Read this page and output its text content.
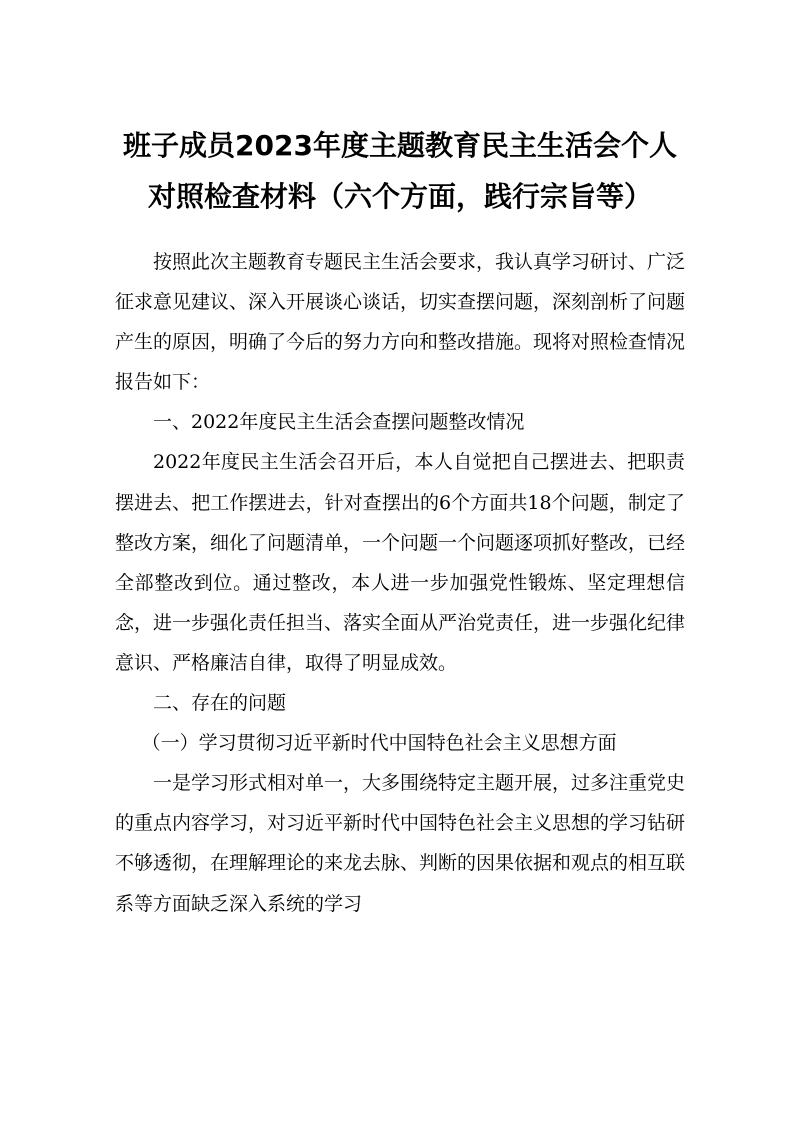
班子成员2023年度主题教育民主生活会个人对照检查材料（六个方面，践行宗旨等）

按照此次主题教育专题民主生活会要求，我认真学习研讨、广泛征求意见建议、深入开展谈心谈话，切实查摆问题，深刻剖析了问题产生的原因，明确了今后的努力方向和整改措施。现将对照检查情况报告如下：

一、2022年度民主生活会查摆问题整改情况

2022年度民主生活会召开后，本人自觉把自己摆进去、把职责摆进去、把工作摆进去，针对查摆出的6个方面共18个问题，制定了整改方案，细化了问题清单，一个问题一个问题逐项抓好整改，已经全部整改到位。通过整改，本人进一步加强党性锻炼、坚定理想信念，进一步强化责任担当、落实全面从严治党责任，进一步强化纪律意识、严格廉洁自律，取得了明显成效。

二、存在的问题

（一）学习贯彻习近平新时代中国特色社会主义思想方面

一是学习形式相对单一，大多围绕特定主题开展，过多注重党史的重点内容学习，对习近平新时代中国特色社会主义思想的学习钻研不够透彻，在理解理论的来龙去脉、判断的因果依据和观点的相互联系等方面缺乏深入系统的学习
